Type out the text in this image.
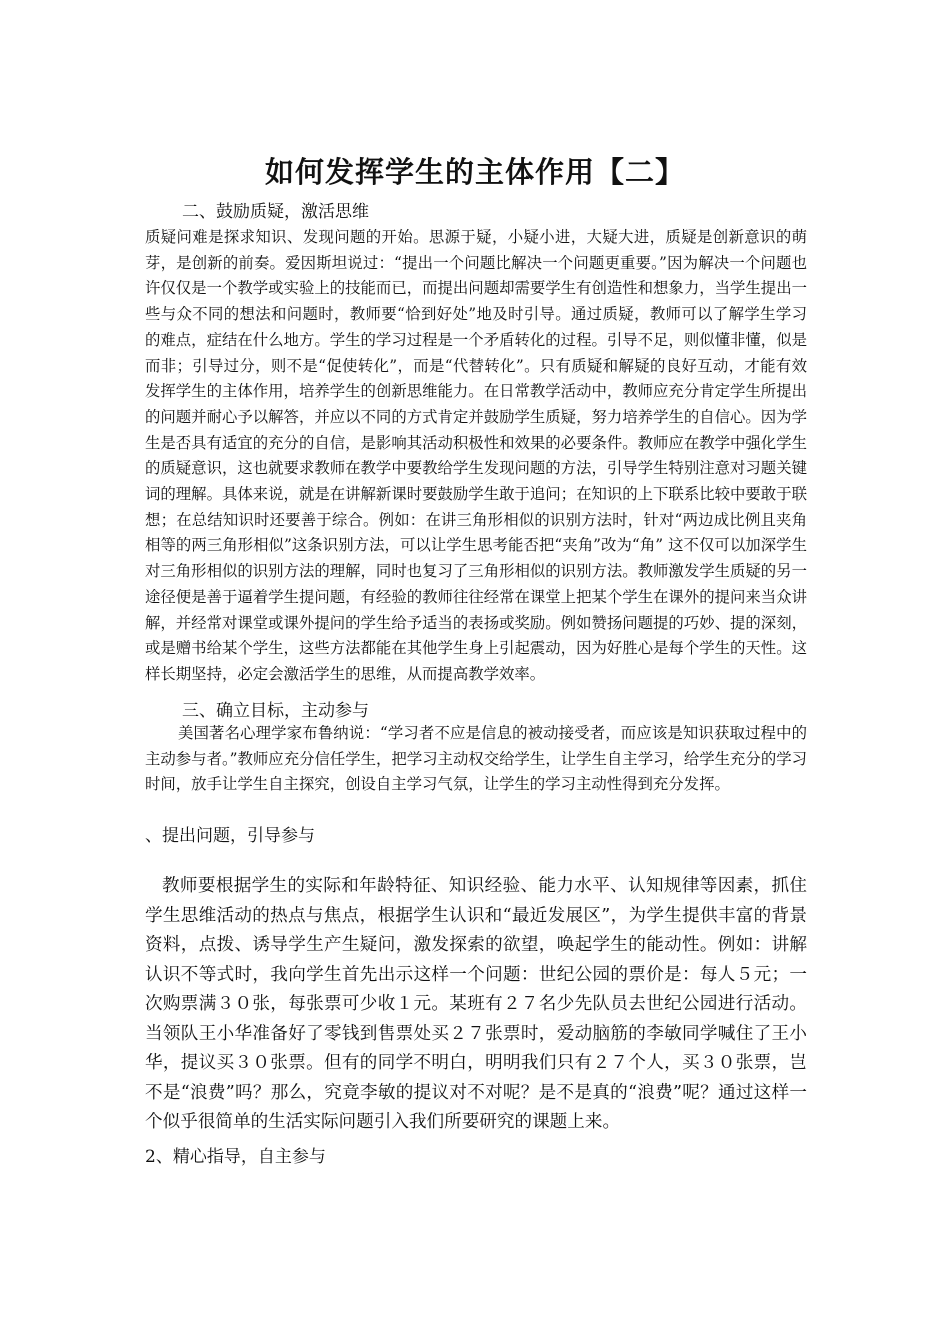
如何发挥学生的主体作用【二】
二、鼓励质疑，激活思维
质疑问难是探求知识、发现问题的开始。思源于疑，小疑小进，大疑大进，质疑是创新意识的萌芽，是创新的前奏。爱因斯坦说过：“提出一个问题比解决一个问题更重要。”因为解决一个问题也许仅仅是一个教学或实验上的技能而已，而提出问题却需要学生有创造性和想象力，当学生提出一些与众不同的想法和问题时，教师要“恰到好处”地及时引导。通过质疑，教师可以了解学生学习的难点，症结在什么地方。学生的学习过程是一个矛盾转化的过程。引导不足，则似懂非懂，似是而非；引导过分，则不是“促使转化”，而是“代替转化”。只有质疑和解疑的良好互动，才能有效发挥学生的主体作用，培养学生的创新思维能力。在日常教学活动中，教师应充分肯定学生所提出的问题并耐心予以解答，并应以不同的方式肯定并鼓励学生质疑，努力培养学生的自信心。因为学生是否具有适宜的充分的自信，是影响其活动积极性和效果的必要条件。教师应在教学中强化学生的质疑意识，这也就要求教师在教学中要教给学生发现问题的方法，引导学生特别注意对习题关键词的理解。具体来说，就是在讲解新课时要鼓励学生敢于追问；在知识的上下联系比较中要敢于联想；在总结知识时还要善于综合。例如：在讲三角形相似的识别方法时，针对“两边成比例且夹角相等的两三角形相似”这条识别方法，可以让学生思考能否把“夹角”改为“角” 这不仅可以加深学生对三角形相似的识别方法的理解，同时也复习了三角形相似的识别方法。教师激发学生质疑的另一途径便是善于逼着学生提问题，有经验的教师往往经常在课堂上把某个学生在课外的提问来当众讲解，并经常对课堂或课外提问的学生给予适当的表扬或奖励。例如赞扬问题提的巧妙、提的深刻，或是赠书给某个学生，这些方法都能在其他学生身上引起震动，因为好胜心是每个学生的天性。这样长期坚持，必定会激活学生的思维，从而提高教学效率。
三、确立目标，主动参与
美国著名心理学家布鲁纳说：“学习者不应是信息的被动接受者，而应该是知识获取过程中的主动参与者。”教师应充分信任学生，把学习主动权交给学生，让学生自主学习，给学生充分的学习时间，放手让学生自主探究，创设自主学习气氛，让学生的学习主动性得到充分发挥。
、提出问题，引导参与
教师要根据学生的实际和年龄特征、知识经验、能力水平、认知规律等因素，抓住学生思维活动的热点与焦点，根据学生认识和“最近发展区”，为学生提供丰富的背景资料，点拨、诱导学生产生疑问，激发探索的欲望，唤起学生的能动性。例如：讲解认识不等式时，我向学生首先出示这样一个问题：世纪公园的票价是：每人５元；一次购票满３０张，每张票可少收１元。某班有２７名少先队员去世纪公园进行活动。当领队王小华准备好了零钱到售票处买２７张票时，爱动脑筋的李敏同学喊住了王小华，提议买３０张票。但有的同学不明白，明明我们只有２７个人，买３０张票，岂不是“浪费”吗？那么，究竟李敏的提议对不对呢？是不是真的“浪费”呢？通过这样一个似乎很简单的生活实际问题引入我们所要研究的课题上来。
2、精心指导，自主参与
